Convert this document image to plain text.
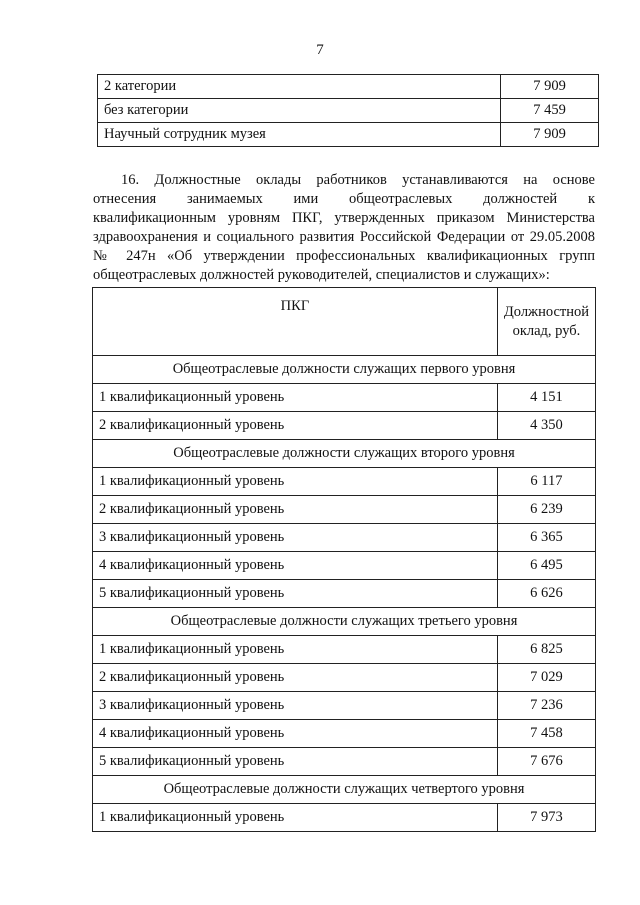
7
2 категории	7 909
без категории	7 459
Научный сотрудник музея	7 909
16. Должностные оклады работников устанавливаются на основе
отнесения занимаемых ими общеотраслевых должностей к
квалификационным уровням ПКГ, утвержденных приказом Министерства
здравоохранения и социального развития Российской Федерации от 29.05.2008
№ 247н «Об утверждении профессиональных квалификационных групп
общеотраслевых должностей руководителей, специалистов и служащих»:
ПКГ	Должностной
оклад, руб.

Общеотраслевые должности служащих первого уровня	
1 квалификационный уровень	4 151
2 квалификационный уровень	4 350
Общеотраслевые должности служащих второго уровня	
1 квалификационный уровень	6 117
2 квалификационный уровень	6 239
3 квалификационный уровень	6 365
4 квалификационный уровень	6 495
5 квалификационный уровень	6 626
Общеотраслевые должности служащих третьего уровня	
1 квалификационный уровень	6 825
2 квалификационный уровень	7 029
3 квалификационный уровень	7 236
4 квалификационный уровень	7 458
5 квалификационный уровень	7 676
Общеотраслевые должности служащих четвертого уровня	
1 квалификационный уровень	7 973
